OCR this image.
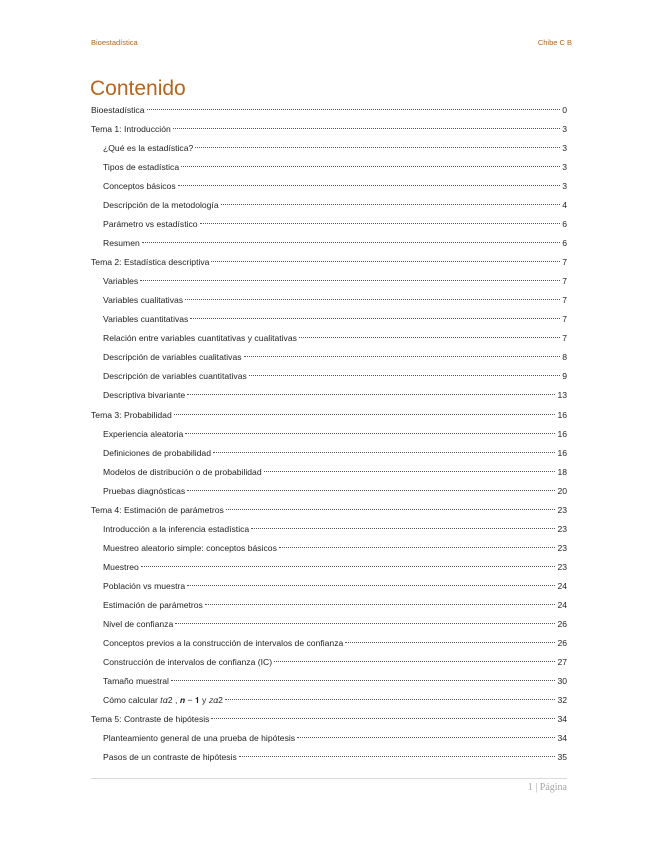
Bioestadística	Chibe C B
Contenido
Bioestadística	0
Tema 1: Introducción	3
¿Qué es la estadística?	3
Tipos de estadística	3
Conceptos básicos	3
Descripción de la metodología	4
Parámetro vs estadístico	6
Resumen	6
Tema 2: Estadística descriptiva	7
Variables	7
Variables cualitativas	7
Variables cuantitativas	7
Relación entre variables cuantitativas y cualitativas	7
Descripción de variables cualitativas	8
Descripción de variables cuantitativas	9
Descriptiva bivariante	13
Tema 3: Probabilidad	16
Experiencia aleatoria	16
Definiciones de probabilidad	16
Modelos de distribución o de probabilidad	18
Pruebas diagnósticas	20
Tema 4: Estimación de parámetros	23
Introducción a la inferencia estadística	23
Muestreo aleatorio simple: conceptos básicos	23
Muestreo	23
Población vs muestra	24
Estimación de parámetros	24
Nivel de confianza	26
Conceptos previos a la construcción de intervalos de confianza	26
Construcción de intervalos de confianza (IC)	27
Tamaño muestral	30
Cómo calcular 𝑡𝛼2 , 𝒏 − 𝟏 y 𝑧𝛼2	32
Tema 5: Contraste de hipótesis	34
Planteamiento general de una prueba de hipótesis	34
Pasos de un contraste de hipótesis	35
1 | Página
